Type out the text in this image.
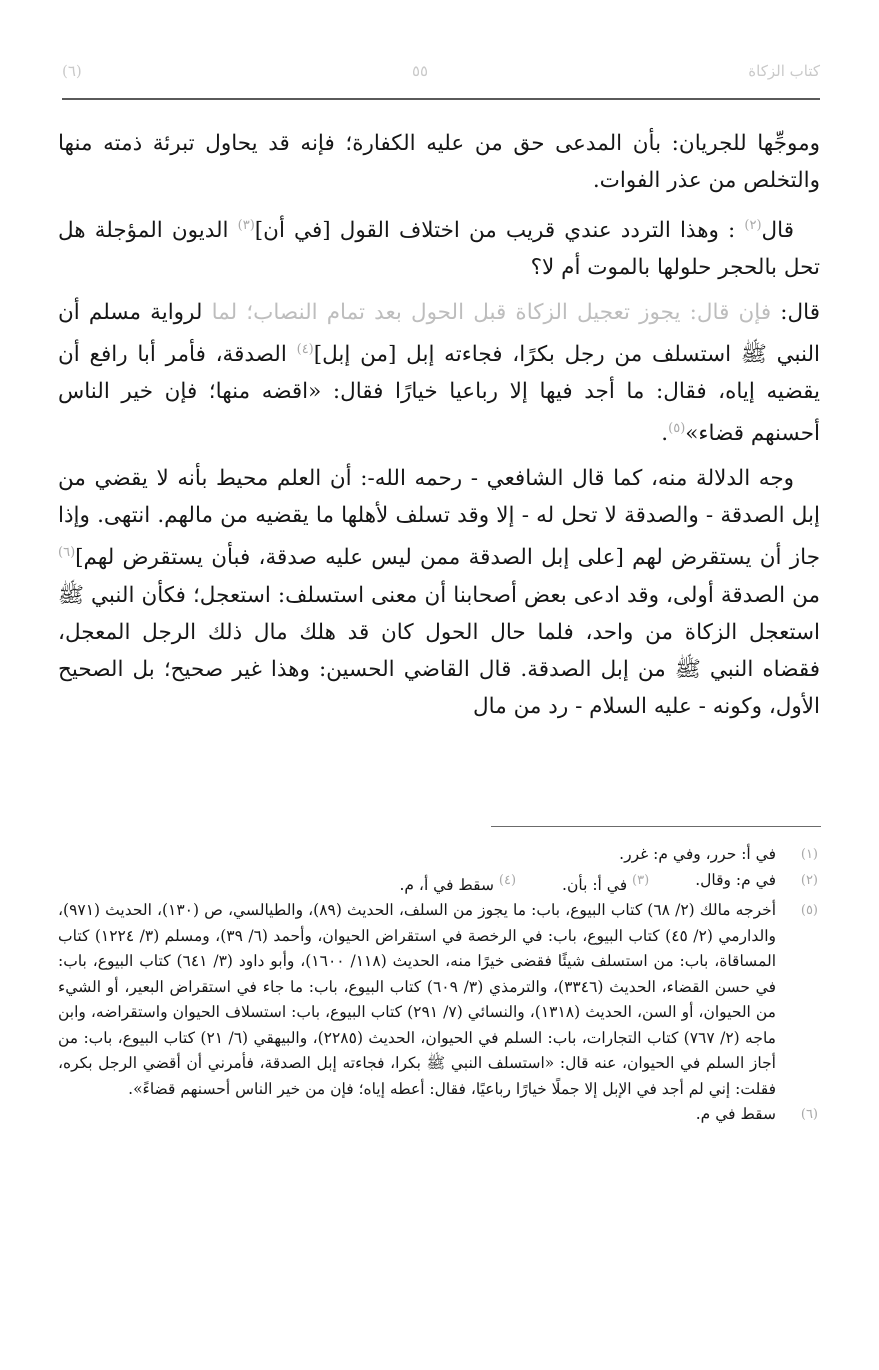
كتاب الزكاة
٥٥
(٦)

وموجِّها للجريان: بأن المدعى حق من عليه الكفارة؛ فإنه قد يحاول تبرئة ذمته منها والتخلص من عذر الفوات.

قال$^{(٢)}$ : وهذا التردد عندي قريب من اختلاف القول [في أن]$^{(٣)}$ الديون المؤجلة هل تحل بالحجر حلولها بالموت أم لا؟

قال: فإن قال: يجوز تعجيل الزكاة قبل الحول بعد تمام النصاب؛ لما لرواية مسلم أن النبي ﷺ استسلف من رجل بكرًا، فجاءته إبل [من إبل]$^{(٤)}$ الصدقة، فأمر أبا رافع أن يقضيه إياه، فقال: ما أجد فيها إلا رباعيا خيارًا فقال: «اقضه منها؛ فإن خير الناس أحسنهم قضاء»$^{(٥)}$.

وجه الدلالة منه، كما قال الشافعي - رحمه الله-: أن العلم محيط بأنه لا يقضي من إبل الصدقة - والصدقة لا تحل له - إلا وقد تسلف لأهلها ما يقضيه من مالهم. انتهى. وإذا جاز أن يستقرض لهم [على إبل الصدقة ممن ليس عليه صدقة، فبأن يستقرض لهم]$^{(٦)}$ من الصدقة أولى، وقد ادعى بعض أصحابنا أن معنى استسلف: استعجل؛ فكأن النبي ﷺ استعجل الزكاة من واحد، فلما حال الحول كان قد هلك مال ذلك الرجل المعجل، فقضاه النبي ﷺ من إبل الصدقة. قال القاضي الحسين: وهذا غير صحيح؛ بل الصحيح الأول، وكونه - عليه السلام - رد من مال

(١)
في أ: حرر، وفي م: غرر.
(٢)
في م: وقال.
$^{(٣)}$ في أ: بأن.
$^{(٤)}$ سقط في أ، م.
(٥)
أخرجه مالك (٢/ ٦٨) كتاب البيوع، باب: ما يجوز من السلف، الحديث (٨٩)، والطيالسي، ص (١٣٠)، الحديث (٩٧١)، والدارمي (٢/ ٤٥) كتاب البيوع، باب: في الرخصة في استقراض الحيوان، وأحمد (٦/ ٣٩)، ومسلم (٣/ ١٢٢٤) كتاب المساقاة، باب: من استسلف شيئًا فقضى خيرًا منه، الحديث (١١٨/ ١٦٠٠)، وأبو داود (٣/ ٦٤١) كتاب البيوع، باب: في حسن القضاء، الحديث (٣٣٤٦)، والترمذي (٣/ ٦٠٩) كتاب البيوع، باب: ما جاء في استقراض البعير، أو الشيء من الحيوان، أو السن، الحديث (١٣١٨)، والنسائي (٧/ ٢٩١) كتاب البيوع، باب: استسلاف الحيوان واستقراضه، وابن ماجه (٢/ ٧٦٧) كتاب التجارات، باب: السلم في الحيوان، الحديث (٢٢٨٥)، والبيهقي (٦/ ٢١) كتاب البيوع، باب: من أجاز السلم في الحيوان، عنه قال: «استسلف النبي ﷺ بكرا، فجاءته إبل الصدقة، فأمرني أن أقضي الرجل بكره، فقلت: إني لم أجد في الإبل إلا جملًا خيارًا رباعيًا، فقال: أعطه إياه؛ فإن من خير الناس أحسنهم قضاءً».
(٦)
سقط في م.
